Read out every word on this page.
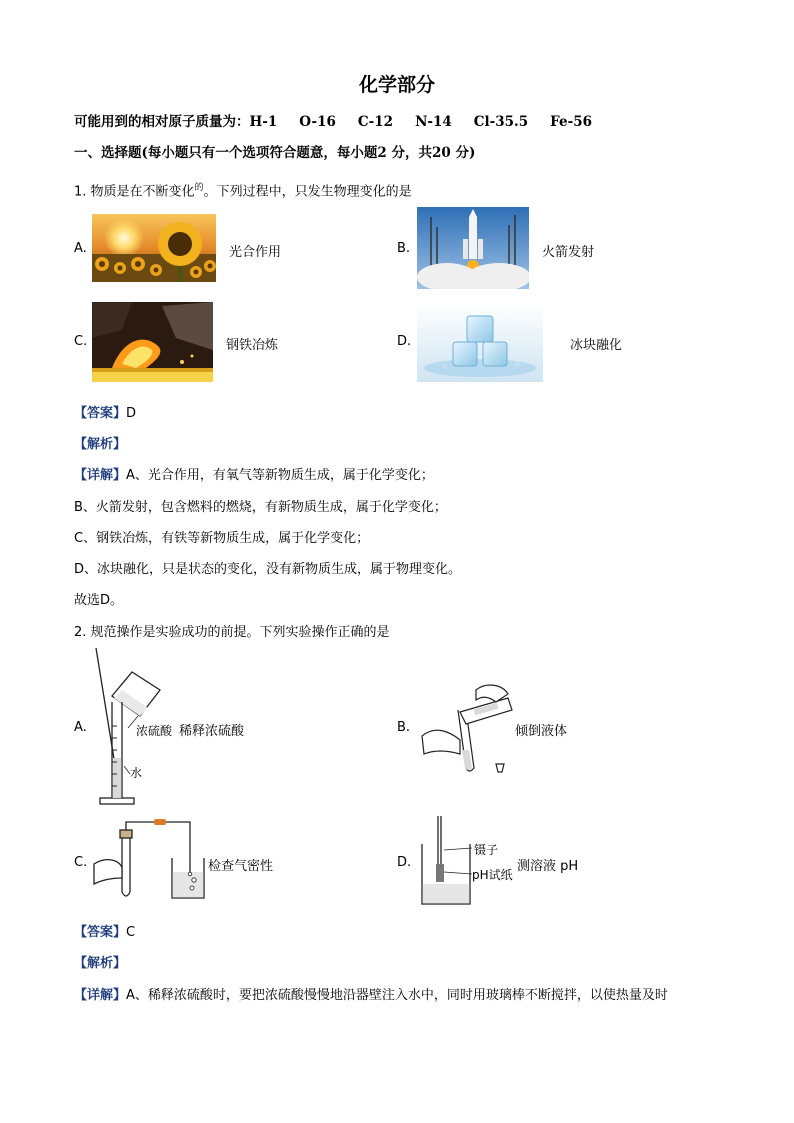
化学部分
可能用到的相对原子质量为：H-1 O-16 C-12 N-14 Cl-35.5 Fe-56
一、选择题(每小题只有一个选项符合题意，每小题2 分，共20 分)
1. 物质是在不断变化$^的$。下列过程中，只发生物理变化的是
A.	光合作用	B.	火箭发射
C.	钢铁冶炼	D.	冰块融化
【答案】D
【解析】
【详解】A、光合作用，有氧气等新物质生成，属于化学变化；
B、火箭发射，包含燃料的燃烧，有新物质生成，属于化学变化；
C、钢铁冶炼，有铁等新物质生成，属于化学变化；
D、冰块融化，只是状态的变化，没有新物质生成，属于物理变化。
故选D。
2. 规范操作是实验成功的前提。下列实验操作正确的是
A.	浓硫酸
水
稀释浓硫酸	B.	倾倒液体
C.	检查气密性	D.
镊子
pH试纸
测溶液 pH
【答案】C
【解析】
【详解】A、稀释浓硫酸时，要把浓硫酸慢慢地沿器壁注入水中，同时用玻璃棒不断搅拌，以使热量及时
